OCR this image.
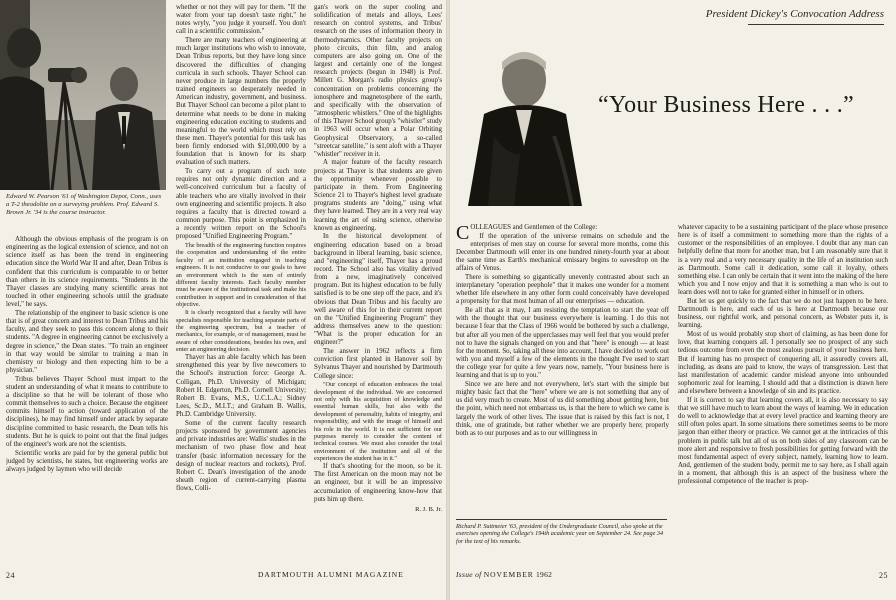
Edward W. Pearson '61 of Washington Depot, Conn., uses a T-2 theodolite on a surveying problem. Prof. Edward S. Brown Jr. '34 is the course instructor.

Although the obvious emphasis of the program is on engineering as the logical extension of science, and not on science itself as has been the trend in engineering education since the World War II and after, Dean Tribus is confident that this curriculum is comparable to or better than others in its science requirements. "Students in the Thayer classes are studying many scientific areas not touched in other engineering schools until the graduate level," he says.

The relationship of the engineer to basic science is one that is of great concern and interest to Dean Tribus and his faculty, and they seek to pass this concern along to their students. "A degree in engineering cannot be exclusively a degree in science," the Dean states. "To train an engineer in that way would be similar to training a man in chemistry or biology and then expecting him to be a physician."

Tribus believes Thayer School must impart to the student an understanding of what it means to contribute to a discipline so that he will be tolerant of those who commit themselves to such a choice. Because the engineer commits himself to action (toward application of the disciplines), he may find himself under attack by separate discipline committed to basic research, the Dean tells his students. But he is quick to point out that the final judges of the engineer's work are not the scientists.

Scientific works are paid for by the general public but judged by scientists, he states, but engineering works are always judged by laymen who will decide

whether or not they will pay for them. "If the water from your tap doesn't taste right," he notes wryly, "you judge it yourself. You don't call in a scientific commission."

There are many teachers of engineering at much larger institutions who wish to innovate, Dean Tribus reports, but they have long since discovered the difficulties of changing curricula in such schools. Thayer School can never produce in large numbers the properly trained engineers so desperately needed in American industry, government, and business. But Thayer School can become a pilot plant to determine what needs to be done in making engineering education exciting to students and meaningful to the world which must rely on these men. Thayer's potential for this task has been firmly endorsed with $1,000,000 by a foundation that is known for its sharp evaluation of such matters.

To carry out a program of such note requires not only dynamic direction and a well-conceived curriculum but a faculty of able teachers who are vitally involved in their own engineering and scientific projects. It also requires a faculty that is directed toward a common purpose. This point is emphasized in a recently written report on the School's proposed "Unified Engineering Program."

The breadth of the engineering function requires the cooperation and understanding of the entire faculty of an institution engaged in teaching engineers. It is not conducive to our goals to have an environment which is the sum of entirely different faculty interests. Each faculty member must be aware of the institutional task and make his contribution in support and in consideration of that objective.

It is clearly recognized that a faculty will have specialists responsible for teaching separate parts of the engineering spectrum, but a teacher of mechanics, for example, or of management, must be aware of other considerations, besides his own, and enter an engineering decision.

Thayer has an able faculty which has been strengthened this year by five newcomers to the School's instruction force: George A. Colligan, Ph.D. University of Michigan; Robert H. Edgerton, Ph.D. Cornell University; Robert B. Evans, M.S., U.C.L.A.; Sidney Lees, Sc.D., M.I.T.; and Graham B. Wallis, Ph.D. Cambridge University.

Some of the current faculty research projects sponsored by government agencies and private industries are: Wallis' studies in the mechanism of two phase flow and heat transfer (basic information necessary for the design of nuclear reactors and rockets), Prof. Robert C. Dean's investigation of the anode sheath region of current-carrying plasma flows, Colli-

gan's work on the super cooling and solidification of metals and alloys, Lees' research on control systems, and Tribus' research on the uses of information theory in thermodynamics. Other faculty projects on photo circuits, thin film, and analog computers are also going on. One of the largest and certainly one of the longest research projects (begun in 1948) is Prof. Millett G. Morgan's radio physics group's concentration on problems concerning the ionosphere and magnetosphere of the earth, and specifically with the observation of "atmospheric whistlers." One of the highlights of this Thayer School group's "whistler" study in 1963 will occur when a Polar Orbiting Geophysical Observatory, a so-called "streetcar satellite," is sent aloft with a Thayer "whistler" receiver in it.

A major feature of the faculty research projects at Thayer is that students are given the opportunity whenever possible to participate in them. From Engineering Science 21 to Thayer's highest level graduate programs students are "doing," using what they have learned. They are in a very real way learning the art of using science, otherwise known as engineering.

In the historical development of engineering education based on a broad background in liberal learning, basic science, and "engineering" itself, Thayer has a proud record. The School also has vitality derived from a new, imaginatively conceived program. But its highest education to be fully satisfied is to be one step off the pace, and it's obvious that Dean Tribus and his faculty are well aware of this for in their current report on the "Unified Engineering Program" they address themselves anew to the question: "What is the proper education for an engineer?"

The answer in 1962 reflects a firm conviction first planted in Hanover soil by Sylvanus Thayer and nourished by Dartmouth College since:

"Our concept of education embraces the total development of the individual. We are concerned not only with his acquisition of knowledge and essential human skills, but also with the development of personality, habits of integrity, and responsibility, and with the image of himself and his role in the world. It is not sufficient for our purposes merely to consider the content of technical courses. We must also consider the total environment of the institution and all of the experiences the student has in it."

If that's shooting for the moon, so be it. The first American on the moon may not be an engineer, but it will be an impressive accumulation of engineering know-how that puts him up there.

R. J. B. Jr.

24	DARTMOUTH ALUMNI MAGAZINE
President Dickey's Convocation Address
“Your Business Here . . .”

COLLEAGUES and Gentlemen of the College:

If the operation of the universe remains on schedule and the enterprises of men stay on course for several more months, come this December Dartmouth will enter its one hundred ninety-fourth year at about the same time as Earth's mechanical emissary begins to eavesdrop on the affairs of Venus.

There is something so gigantically unevenly contrasted about such an interplanetary "operation peephole" that it makes one wonder for a moment whether life elsewhere in any other form could conceivably have developed a propensity for that most human of all our enterprises — education.

Be all that as it may, I am resisting the temptation to start the year off with the thought that our business everywhere is learning. I do this not because I fear that the Class of 1966 would be bothered by such a challenge, but after all you men of the upperclasses may well feel that you would prefer not to have the signals changed on you and that "here" is enough — at least for the moment. So, taking all these into account, I have decided to work out with you and myself a few of the elements in the thought I've used to start the college year for quite a few years now, namely, "Your business here is learning and that is up to you."

Since we are here and not everywhere, let's start with the simple but mighty basic fact that the "here" where we are is not something that any of us did very much to create. Most of us did something about getting here, but the point, which need not embarrass us, is that the here to which we came is largely the work of other lives. The issue that is raised by this fact is not, I think, one of gratitude, but rather whether we are properly here; properly both as to our purposes and as to our willingness in

Richard P. Suttmeier '63, president of the Undergraduate Council, also spoke at the exercises opening the College's 194th academic year on September 24. See page 34 for the text of his remarks.

whatever capacity to be a sustaining participant of the place whose presence here is of itself a commitment to something more than the rights of a customer or the responsibilities of an employee. I doubt that any man can helpfully define that more for another man, but I am reasonably sure that it is a very real and a very necessary quality in the life of an institution such as Dartmouth. Some call it dedication, some call it loyalty, others something else. I can only be certain that it went into the making of the here which you and I now enjoy and that it is something a man who is out to learn does well not to take for granted either in himself or in others.

But let us get quickly to the fact that we do not just happen to be here. Dartmouth is here, and each of us is here at Dartmouth because our business, our rightful work, and personal concern, as Webster puts it, is learning.

Most of us would probably stop short of claiming, as has been done for love, that learning conquers all. I personally see no prospect of any such tedious outcome from even the most zealous pursuit of your business here. But if learning has no prospect of conquering all, it assuredly covers all, including, as deans are paid to know, the ways of transgression. Lest that last manifestation of academic candor mislead anyone into unbounded sophomoric zeal for learning, I should add that a distinction is drawn here and elsewhere between a knowledge of sin and its practice.

If it is correct to say that learning covers all, it is also necessary to say that we still have much to learn about the ways of learning. We in education do well to acknowledge that at every level practice and learning theory are still often poles apart. In some situations there sometimes seems to be more jargon than either theory or practice. We cannot get at the intricacies of this problem in public talk but all of us on both sides of any classroom can be more alert and responsive to fresh possibilities for getting forward with the most fundamental aspect of every subject, namely, learning how to learn. And, gentlemen of the student body, permit me to say here, as I shall again in a moment, that although this is an aspect of the business where the professional competence of the teacher is prop-

Issue of NOVEMBER 1962	25
